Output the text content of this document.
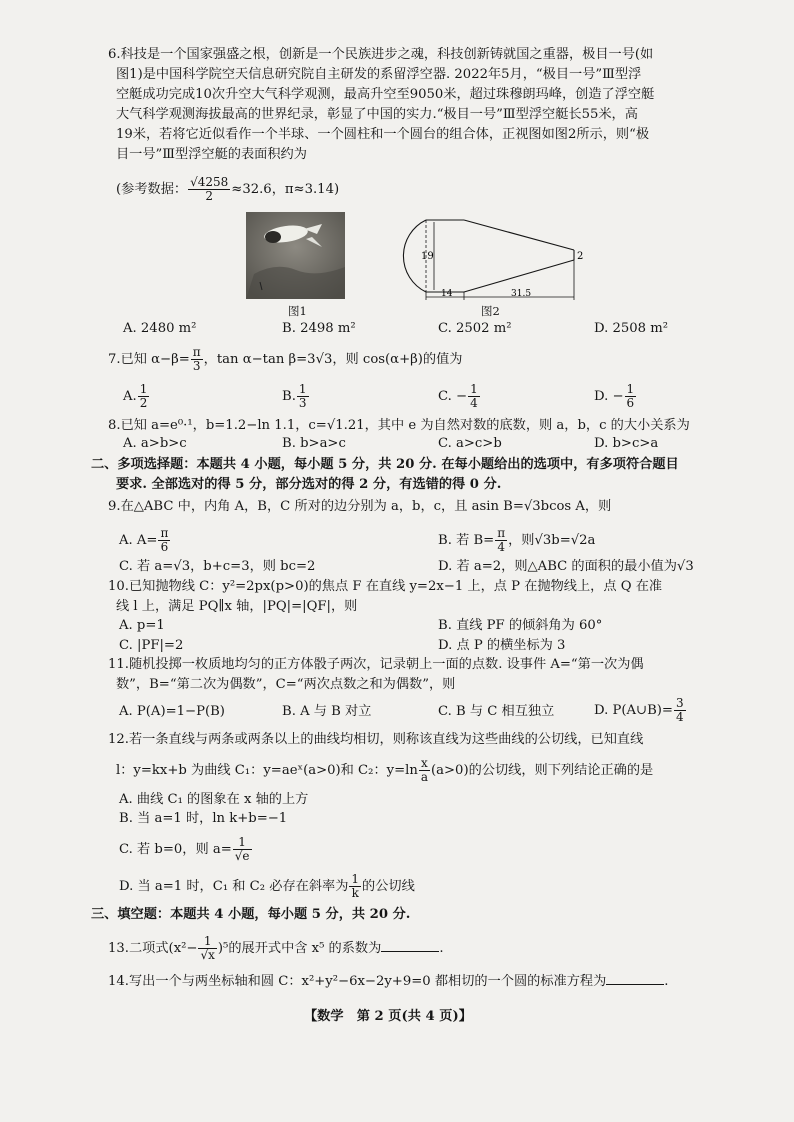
6.科技是一个国家强盛之根，创新是一个民族进步之魂，科技创新铸就国之重器，极目一号(如
图1)是中国科学院空天信息研究院自主研发的系留浮空器. 2022年5月，“极目一号”Ⅲ型浮
空艇成功完成10次升空大气科学观测，最高升空至9050米，超过珠穆朗玛峰，创造了浮空艇
大气科学观测海拔最高的世界纪录，彰显了中国的实力.“极目一号”Ⅲ型浮空艇长55米，高
19米，若将它近似看作一个半球、一个圆柱和一个圆台的组合体，正视图如图2所示，则“极
目一号”Ⅲ型浮空艇的表面积约为
(参考数据： $\frac{√4258}{2} \approx 32.6$，π≈3.14)
图1
19	2
14	31.5
图2
A. 2480 m²	B. 2498 m²	C. 2502 m²	D. 2508 m²
7.已知 $\alpha-\beta= \frac{\pi}{3}$ ，tan α−tan β=3√3，则 cos(α+β)的值为
A. $\frac{1}{2}$	B. $\frac{1}{3}$	C. − $\frac{1}{4}$	D. − $\frac{1}{6}$
8.已知 a=e⁰·¹，b=1.2−ln 1.1，c=√1.21，其中 e 为自然对数的底数，则 a，b，c 的大小关系为
A. a>b>c	B. b>a>c	C. a>c>b	D. b>c>a
二、多项选择题：本题共 4 小题，每小题 5 分，共 20 分. 在每小题给出的选项中，有多项符合题目
要求. 全部选对的得 5 分，部分选对的得 2 分，有选错的得 0 分.
9.在△ABC 中，内角 A，B，C 所对的边分别为 a，b，c，且 asin B=√3bcos A，则
A. $A= \frac{\pi}{6}$	B. 若 $B= \frac{\pi}{4}$ ，则√3b=√2a
C. 若 a=√3，b+c=3，则 bc=2	D. 若 a=2，则△ABC 的面积的最小值为√3
10.已知抛物线 C：y²=2px(p>0)的焦点 F 在直线 y=2x−1 上，点 P 在抛物线上，点 Q 在准
线 l 上，满足 PQ∥x 轴，|PQ|=|QF|，则
A. p=1	B. 直线 PF 的倾斜角为 60°
C. |PF|=2	D. 点 P 的横坐标为 3
11.随机投掷一枚质地均匀的正方体骰子两次，记录朝上一面的点数. 设事件 A=“第一次为偶
数”，B=“第二次为偶数”，C=“两次点数之和为偶数”，则
A. P(A)=1−P(B)	B. A 与 B 对立	C. B 与 C 相互独立	D. P(A∪B)= $\frac{3}{4}$
12.若一条直线与两条或两条以上的曲线均相切，则称该直线为这些曲线的公切线，已知直线
l：y=kx+b 为曲线 C₁：y=aeˣ(a>0)和 C₂：$y=\ln \frac{x}{a} (a>0)$的公切线，则下列结论正确的是
A. 曲线 C₁ 的图象在 x 轴的上方
B. 当 a=1 时，ln k+b=−1
C. 若 b=0，则 $a= \frac{1}{√e}$
D. 当 a=1 时，C₁ 和 C₂ 必存在斜率为 $\frac{1}{k}$ 的公切线
三、填空题：本题共 4 小题，每小题 5 分，共 20 分.
13.二项式$(x^2- \frac{1}{√x} )^5$的展开式中含 x⁵ 的系数为	.
14.写出一个与两坐标轴和圆 C：x²+y²−6x−2y+9=0 都相切的一个圆的标准方程为	.
【数学　第 2 页(共 4 页)】
